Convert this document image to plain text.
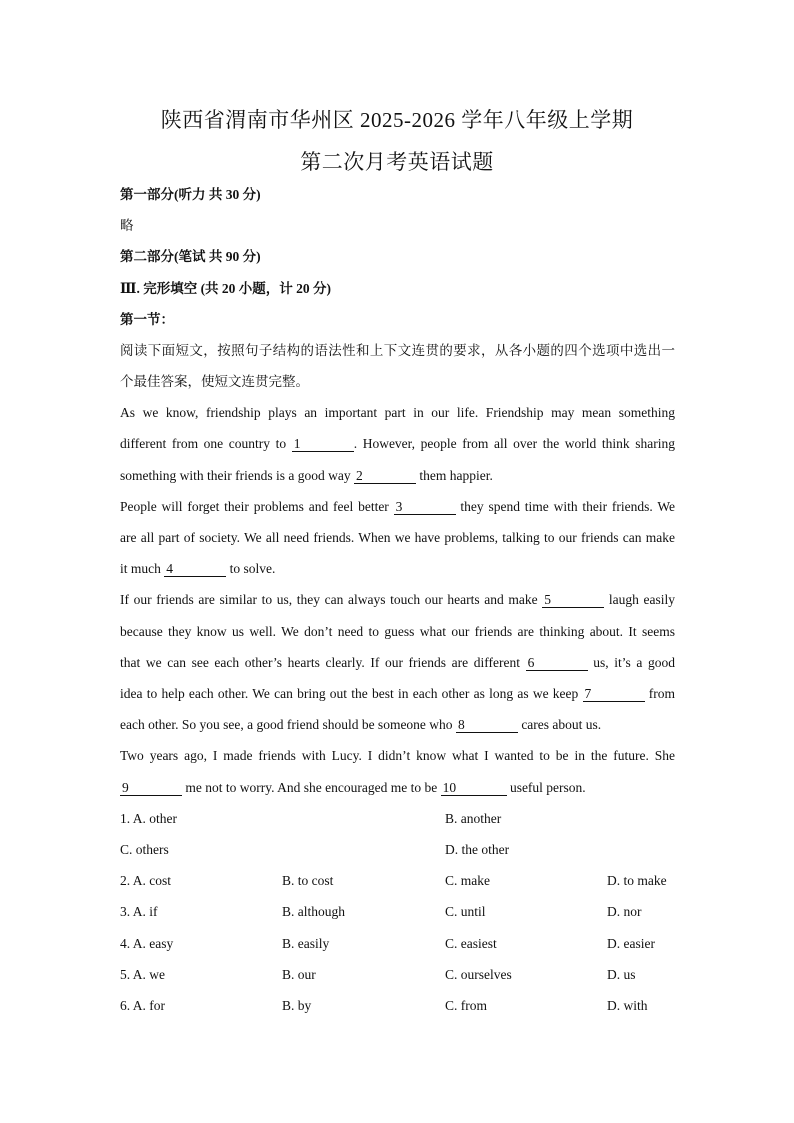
陕西省渭南市华州区 2025-2026 学年八年级上学期
第二次月考英语试题
第一部分(听力 共 30 分)
略
第二部分(笔试 共 90 分)
Ⅲ. 完形填空 (共 20 小题，计 20 分)
第一节：
阅读下面短文，按照句子结构的语法性和上下文连贯的要求，从各小题的四个选项中选出一
个最佳答案，使短文连贯完整。
As we know, friendship plays an important part in our life. Friendship may mean something
different from one country to 1	. However, people from all over the world think sharing
something with their friends is a good way 2	them happier.
People will forget their problems and feel better 3	they spend time with their friends. We
are all part of society. We all need friends. When we have problems, talking to our friends can make
it much 4	to solve.
If our friends are similar to us, they can always touch our hearts and make 5	laugh easily
because they know us well. We don’t need to guess what our friends are thinking about. It seems
that we can see each other’s hearts clearly. If our friends are different 6	us, it’s a good
idea to help each other. We can bring out the best in each other as long as we keep 7	from
each other. So you see, a good friend should be someone who 8	cares about us.
Two years ago, I made friends with Lucy. I didn’t know what I wanted to be in the future. She
9	me not to worry. And she encouraged me to be 10	useful person.
1. A. other	B. another
C. others	D. the other
2. A. cost	B. to cost	C. make	D. to make
3. A. if	B. although	C. until	D. nor
4. A. easy	B. easily	C. easiest	D. easier
5. A. we	B. our	C. ourselves	D. us
6. A. for	B. by	C. from	D. with
